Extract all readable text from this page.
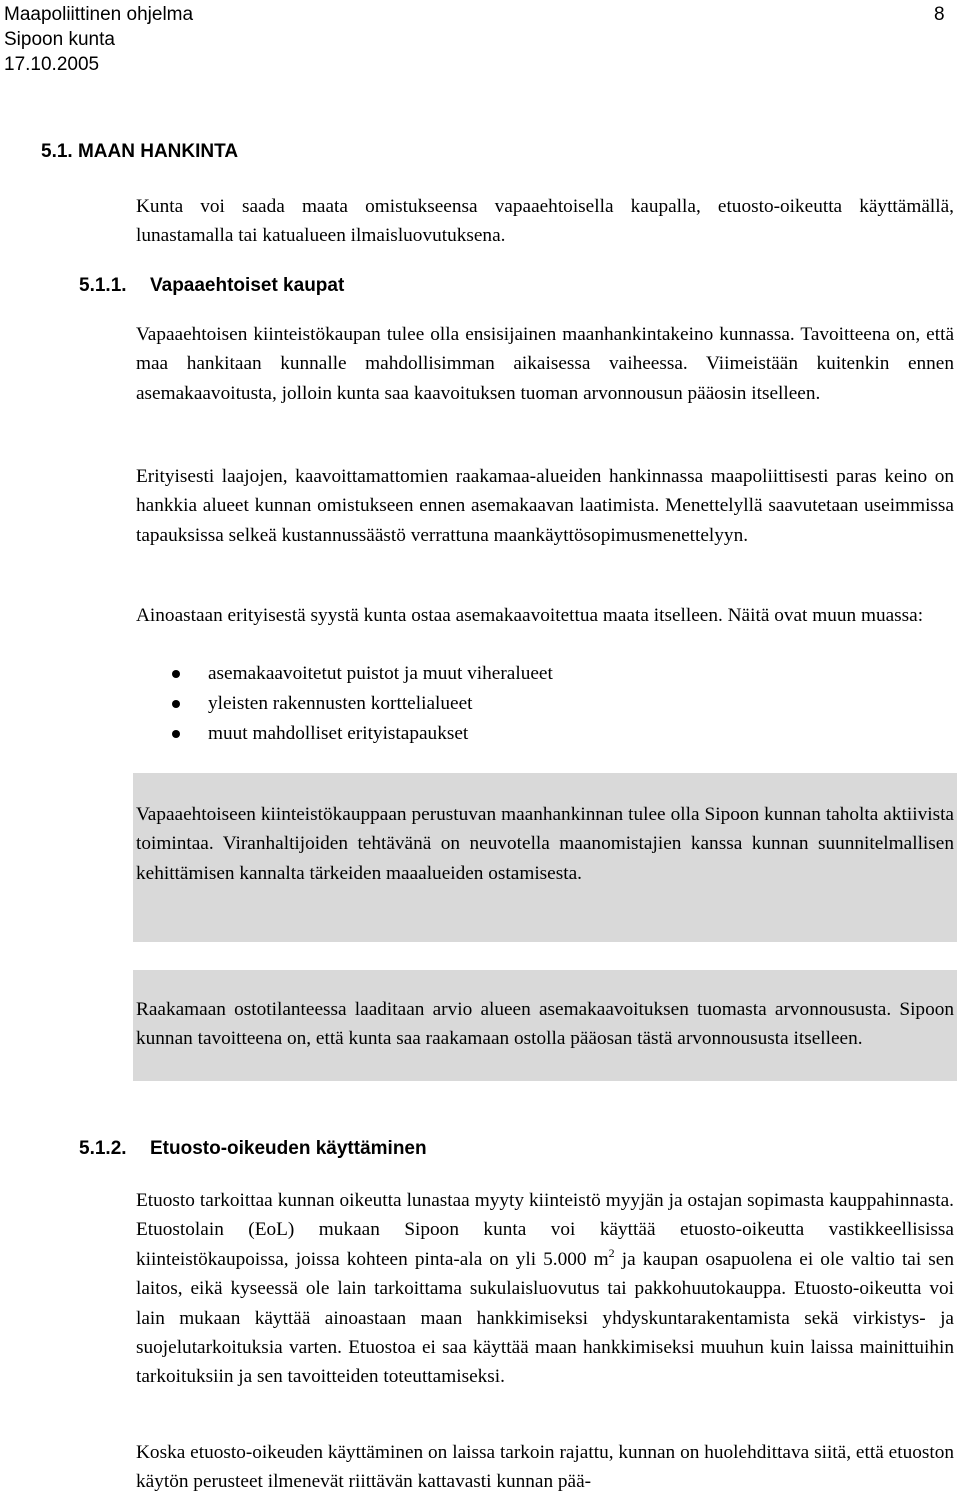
Maapoliittinen ohjelma
Sipoon kunta
17.10.2005
8
5.1. MAAN HANKINTA

Kunta voi saada maata omistukseensa vapaaehtoisella kaupalla, etuosto-oikeutta käyttämällä, lunastamalla tai katualueen ilmaisluovutuksena.

5.1.1. Vapaaehtoiset kaupat

Vapaaehtoisen kiinteistökaupan tulee olla ensisijainen maanhankintakeino kunnassa. Tavoitteena on, että maa hankitaan kunnalle mahdollisimman aikaisessa vaiheessa. Viimeistään kuitenkin ennen asemakaavoitusta, jolloin kunta saa kaavoituksen tuoman arvonnousun pääosin itselleen.

Erityisesti laajojen, kaavoittamattomien raakamaa-alueiden hankinnassa maapoliittisesti paras keino on hankkia alueet kunnan omistukseen ennen asemakaavan laatimista. Menettelyllä saavutetaan useimmissa tapauksissa selkeä kustannussäästö verrattuna maankäyttösopimusmenettelyyn.

Ainoastaan erityisestä syystä kunta ostaa asemakaavoitettua maata itselleen. Näitä ovat muun muassa:

asemakaavoitetut puistot ja muut viheralueet
yleisten rakennusten korttelialueet
muut mahdolliset erityistapaukset

Vapaaehtoiseen kiinteistökauppaan perustuvan maanhankinnan tulee olla Sipoon kunnan taholta aktiivista toimintaa. Viranhaltijoiden tehtävänä on neuvotella maanomistajien kanssa kunnan suunnitelmallisen kehittämisen kannalta tärkeiden maaalueiden ostamisesta.

Raakamaan ostotilanteessa laaditaan arvio alueen asemakaavoituksen tuomasta arvonnoususta. Sipoon kunnan tavoitteena on, että kunta saa raakamaan ostolla pääosan tästä arvonnoususta itselleen.

5.1.2. Etuosto-oikeuden käyttäminen

Etuosto tarkoittaa kunnan oikeutta lunastaa myyty kiinteistö myyjän ja ostajan sopimasta kauppahinnasta. Etuostolain (EoL) mukaan Sipoon kunta voi käyttää etuosto-oikeutta vastikkeellisissa kiinteistökaupoissa, joissa kohteen pinta-ala on yli 5.000 $m^2$ ja kaupan osapuolena ei ole valtio tai sen laitos, eikä kyseessä ole lain tarkoittama sukulaisluovutus tai pakkohuutokauppa. Etuosto-oikeutta voi lain mukaan käyttää ainoastaan maan hankkimiseksi yhdyskuntarakentamista sekä virkistys- ja suojelutarkoituksia varten. Etuostoa ei saa käyttää maan hankkimiseksi muuhun kuin laissa mainittuihin tarkoituksiin ja sen tavoitteiden toteuttamiseksi.

Koska etuosto-oikeuden käyttäminen on laissa tarkoin rajattu, kunnan on huolehdittava siitä, että etuoston käytön perusteet ilmenevät riittävän kattavasti kunnan pää-
